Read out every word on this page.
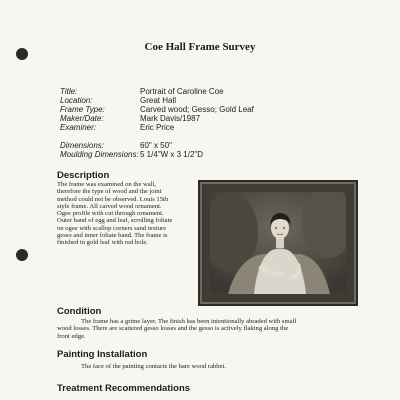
Coe Hall Frame Survey
Title:	Portrait of Caroline Coe
Location:	Great Hall
Frame Type:	Carved wood; Gesso; Gold Leaf
Maker/Date:	Mark Davis/1987
Examiner:	Eric Price
Dimensions:	60" x 50"
Moulding Dimensions: 5 1/4"W x 3 1/2"D
Description
The frame was examined on the wall,
therefore the type of wood and the joint
method could not be observed. Louis 15th
style frame. All carved wood ornament.
Ogee profile with cut through ornament.
Outer band of egg and leaf, scrolling foliate
on ogee with scallop corners sand texture
gesso and inner foliate band. The frame is
finished in gold leaf with red bole.
Condition
The frame has a grime layer. The finish has been intentionally abraded with small
wood losses. There are scattered gesso losses and the gesso is actively flaking along the
front edge.
Painting Installation
The face of the painting contacts the bare wood rabbet.
Treatment Recommendations
